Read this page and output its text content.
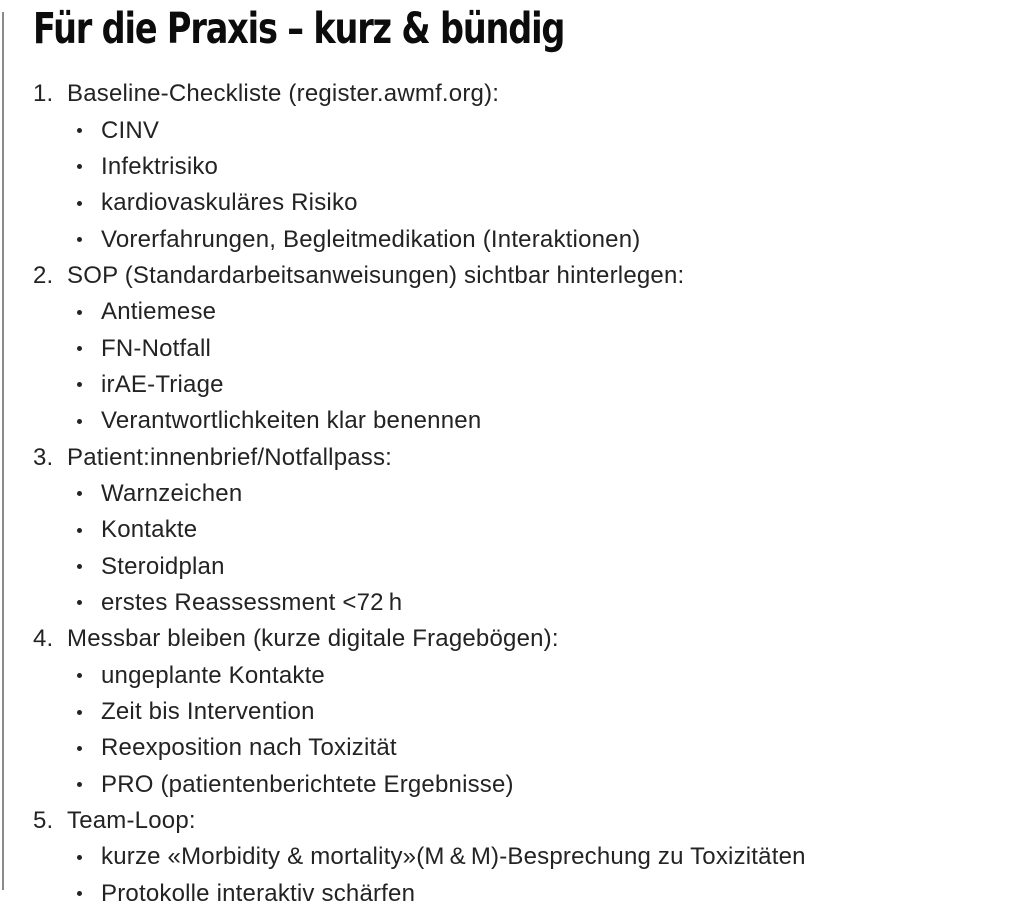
Für die Praxis – kurz & bündig
1. Baseline-Checkliste (register.awmf.org):
CINV
Infektrisiko
kardiovaskuläres Risiko
Vorerfahrungen, Begleitmedikation (Interaktionen)
2. SOP (Standardarbeitsanweisungen) sichtbar hinterlegen:
Antiemese
FN-Notfall
irAE-Triage
Verantwortlichkeiten klar benennen
3. Patient:innenbrief/Notfallpass:
Warnzeichen
Kontakte
Steroidplan
erstes Reassessment <72 h
4. Messbar bleiben (kurze digitale Fragebögen):
ungeplante Kontakte
Zeit bis Intervention
Reexposition nach Toxizität
PRO (patientenberichtete Ergebnisse)
5. Team-Loop:
kurze «Morbidity & mortality»(M & M)-Besprechung zu Toxizitäten
Protokolle interaktiv schärfen
